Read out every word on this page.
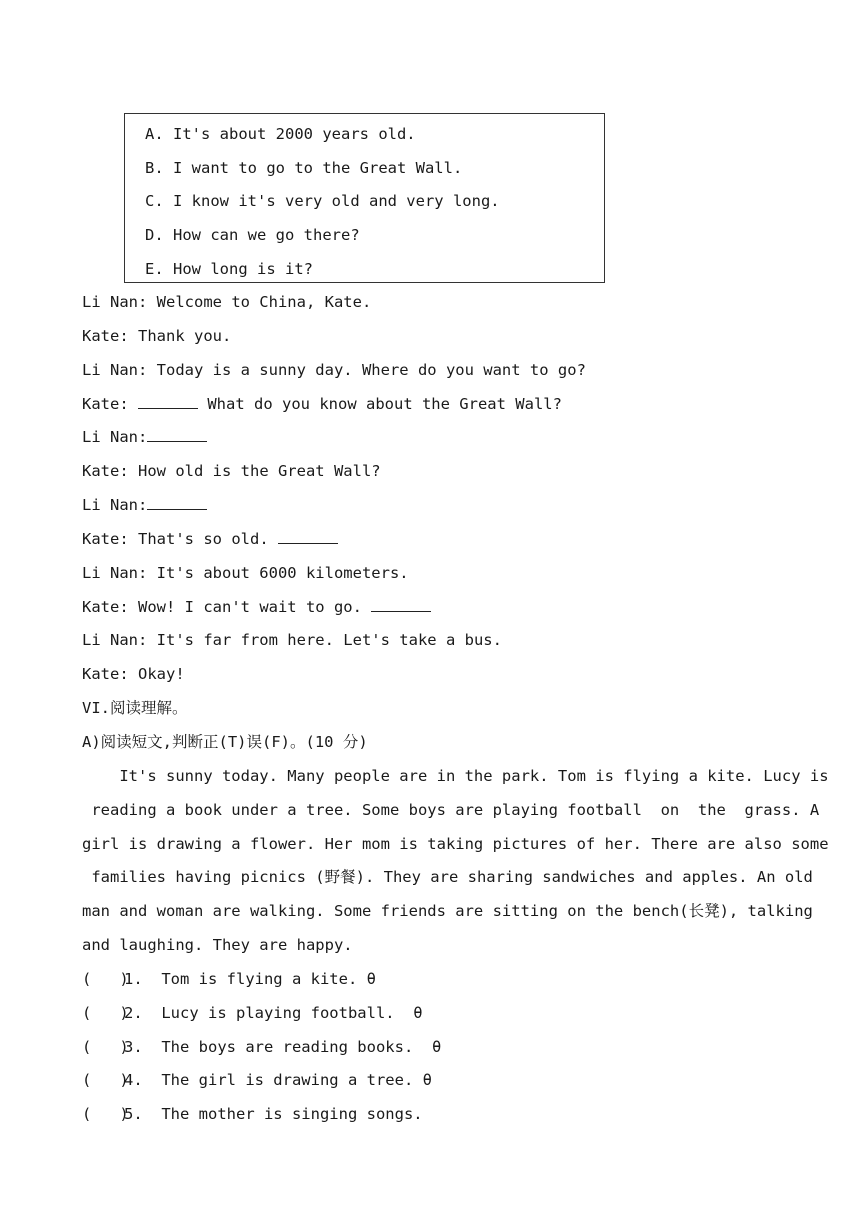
A. It's about 2000 years old.
B. I want to go to the Great Wall.
C. I know it's very old and very long.
D. How can we go there?
E. How long is it?
Li Nan: Welcome to China, Kate.
Kate: Thank you.
Li Nan: Today is a sunny day. Where do you want to go?
Kate:	What do you know about the Great Wall?
Li Nan:
Kate: How old is the Great Wall?
Li Nan:
Kate: That's so old.
Li Nan: It's about 6000 kilometers.
Kate: Wow! I can't wait to go.
Li Nan: It's far from here. Let's take a bus.
Kate: Okay!
VI.阅读理解。
A)阅读短文,判断正(T)误(F)。(10 分)
It's sunny today. Many people are in the park. Tom is flying a kite. Lucy is
reading a book under a tree. Some boys are playing football  on  the  grass. A
girl is drawing a flower. Her mom is taking pictures of her. There are also some
families having picnics (野餐). They are sharing sandwiches and apples. An old
man and woman are walking. Some friends are sitting on the bench(长凳), talking
and laughing. They are happy.
(   )1.  Tom is flying a kite. θ
(   )2.  Lucy is playing football.  θ
(   )3.  The boys are reading books.  θ
(   )4.  The girl is drawing a tree. θ
(   )5.  The mother is singing songs.
